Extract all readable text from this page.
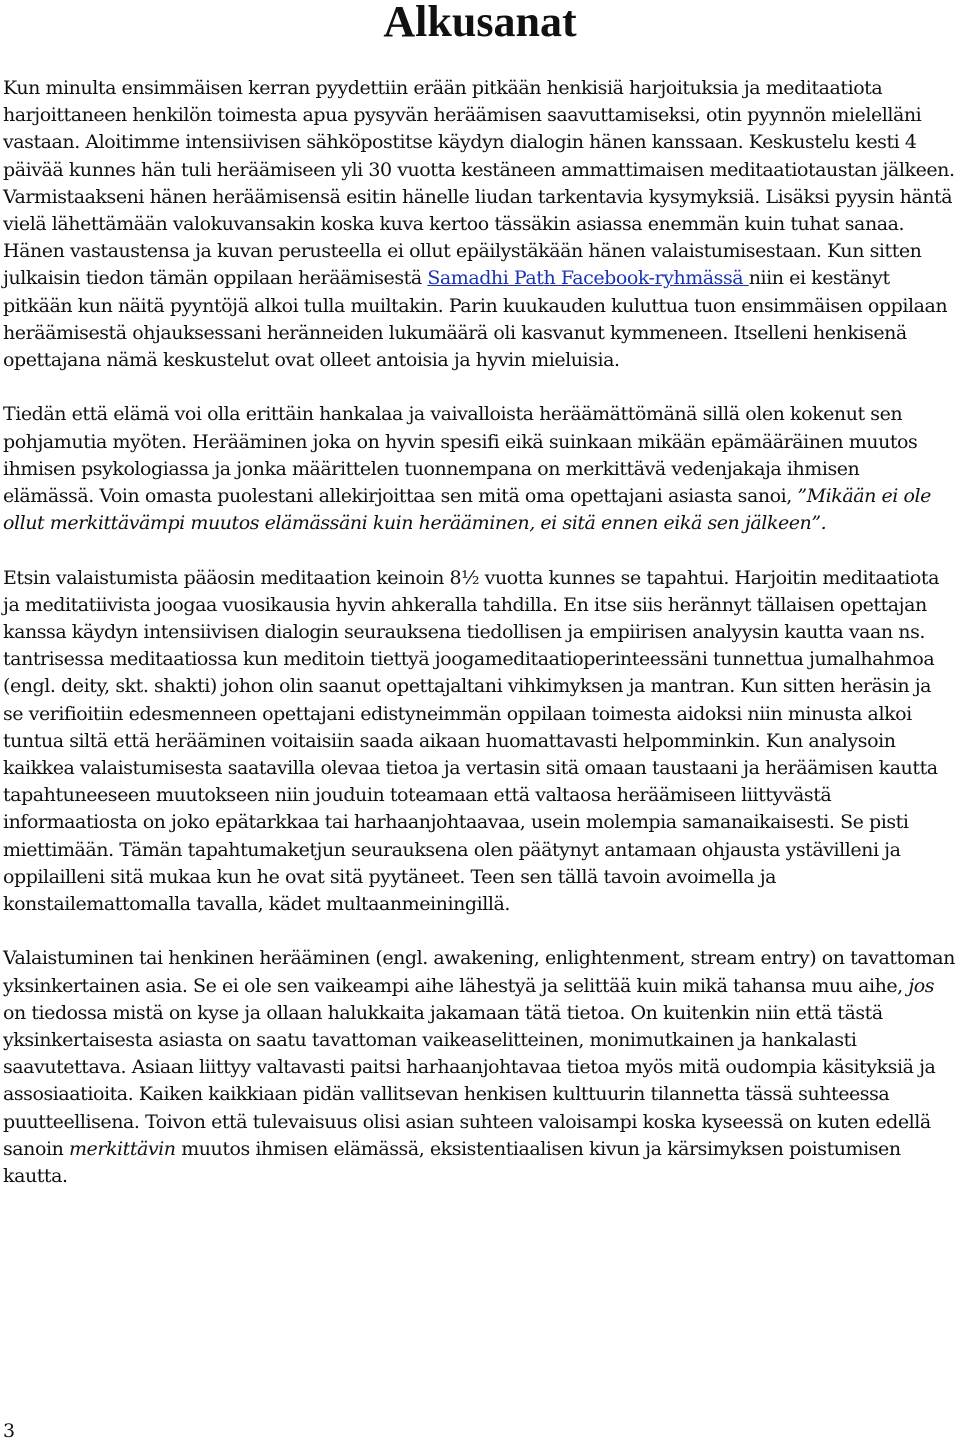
Alkusanat

Kun minulta ensimmäisen kerran pyydettiin erään pitkään henkisiä harjoituksia ja meditaatiota harjoittaneen henkilön toimesta apua pysyvän heräämisen saavuttamiseksi, otin pyynnön mielelläni vastaan. Aloitimme intensiivisen sähköpostitse käydyn dialogin hänen kanssaan. Keskustelu kesti 4 päivää kunnes hän tuli heräämiseen yli 30 vuotta kestäneen ammattimaisen meditaatiotaustan jälkeen. Varmistaakseni hänen heräämisensä esitin hänelle liudan tarkentavia kysymyksiä. Lisäksi pyysin häntä vielä lähettämään valokuvansakin koska kuva kertoo tässäkin asiassa enemmän kuin tuhat sanaa. Hänen vastaustensa ja kuvan perusteella ei ollut epäilystäkään hänen valaistumisestaan. Kun sitten julkaisin tiedon tämän oppilaan heräämisestä Samadhi Path Facebook-ryhmässä niin ei kestänyt pitkään kun näitä pyyntöjä alkoi tulla muiltakin. Parin kuukauden kuluttua tuon ensimmäisen oppilaan heräämisestä ohjauksessani heränneiden lukumäärä oli kasvanut kymmeneen. Itselleni henkisenä opettajana nämä keskustelut ovat olleet antoisia ja hyvin mieluisia.

Tiedän että elämä voi olla erittäin hankalaa ja vaivalloista heräämättömänä sillä olen kokenut sen pohjamutia myöten. Herääminen joka on hyvin spesifi eikä suinkaan mikään epämääräinen muutos ihmisen psykologiassa ja jonka määrittelen tuonnempana on merkittävä vedenjakaja ihmisen elämässä. Voin omasta puolestani allekirjoittaa sen mitä oma opettajani asiasta sanoi, ”Mikään ei ole ollut merkittävämpi muutos elämässäni kuin herääminen, ei sitä ennen eikä sen jälkeen”.

Etsin valaistumista pääosin meditaation keinoin 8½ vuotta kunnes se tapahtui. Harjoitin meditaatiota ja meditatiivista joogaa vuosikausia hyvin ahkeralla tahdilla. En itse siis herännyt tällaisen opettajan kanssa käydyn intensiivisen dialogin seurauksena tiedollisen ja empiirisen analyysin kautta vaan ns. tantrisessa meditaatiossa kun meditoin tiettyä joogameditaatioperinteessäni tunnettua jumalhahmoa (engl. deity, skt. shakti) johon olin saanut opettajaltani vihkimyksen ja mantran. Kun sitten heräsin ja se verifioitiin edesmenneen opettajani edistyneimmän oppilaan toimesta aidoksi niin minusta alkoi tuntua siltä että herääminen voitaisiin saada aikaan huomattavasti helpomminkin. Kun analysoin kaikkea valaistumisesta saatavilla olevaa tietoa ja vertasin sitä omaan taustaani ja heräämisen kautta tapahtuneeseen muutokseen niin jouduin toteamaan että valtaosa heräämiseen liittyvästä informaatiosta on joko epätarkkaa tai harhaanjohtaavaa, usein molempia samanaikaisesti. Se pisti miettimään. Tämän tapahtumaketjun seurauksena olen päätynyt antamaan ohjausta ystävilleni ja oppilailleni sitä mukaa kun he ovat sitä pyytäneet. Teen sen tällä tavoin avoimella ja konstailemattomalla tavalla, kädet multaanmeiningillä.

Valaistuminen tai henkinen herääminen (engl. awakening, enlightenment, stream entry) on tavattoman yksinkertainen asia. Se ei ole sen vaikeampi aihe lähestyä ja selittää kuin mikä tahansa muu aihe, jos on tiedossa mistä on kyse ja ollaan halukkaita jakamaan tätä tietoa. On kuitenkin niin että tästä yksinkertaisesta asiasta on saatu tavattoman vaikeaselitteinen, monimutkainen ja hankalasti saavutettava. Asiaan liittyy valtavasti paitsi harhaanjohtavaa tietoa myös mitä oudompia käsityksiä ja assosiaatioita. Kaiken kaikkiaan pidän vallitsevan henkisen kulttuurin tilannetta tässä suhteessa puutteellisena. Toivon että tulevaisuus olisi asian suhteen valoisampi koska kyseessä on kuten edellä sanoin merkittävin muutos ihmisen elämässä, eksistentiaalisen kivun ja kärsimyksen poistumisen kautta.

3
